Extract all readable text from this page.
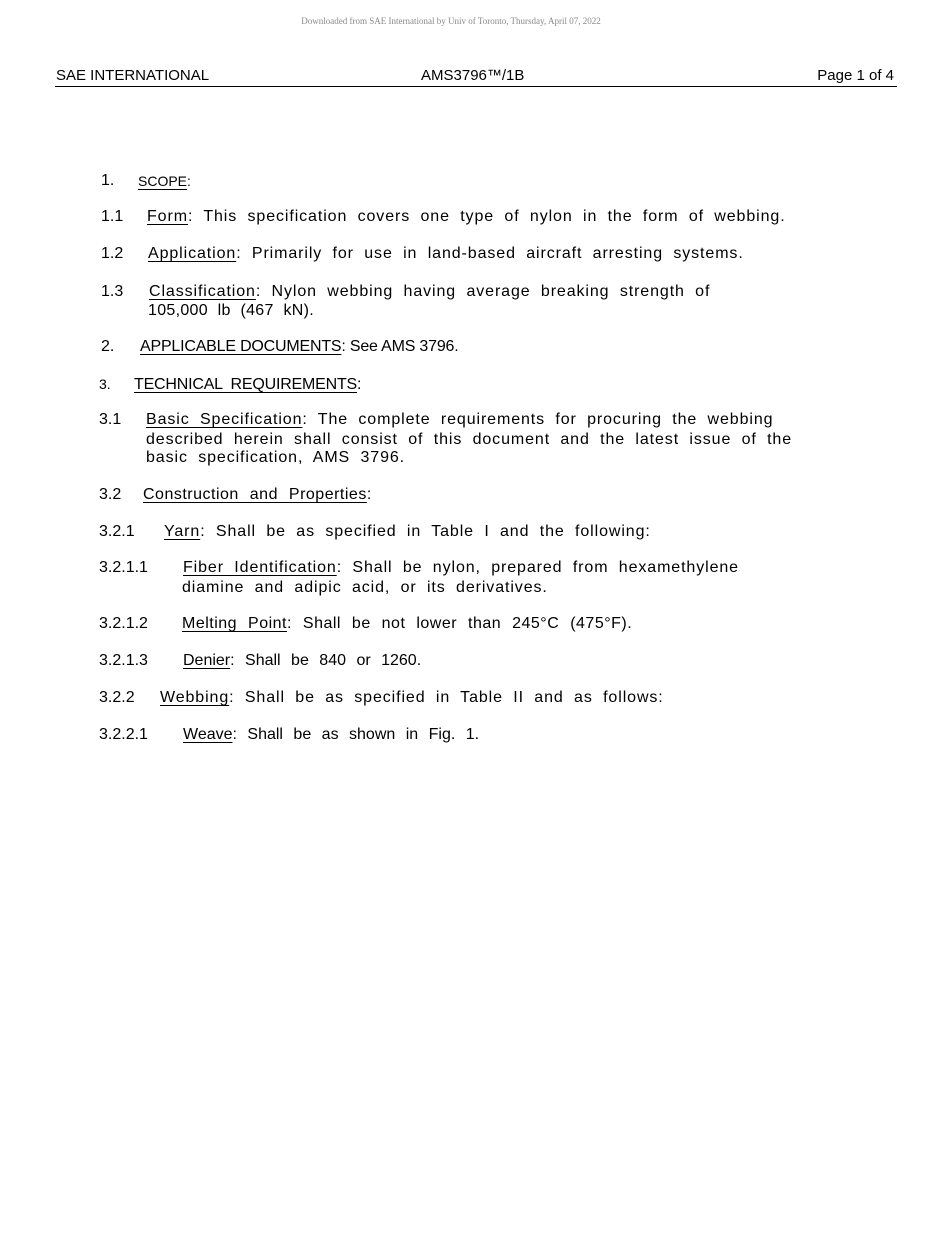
Downloaded from SAE International by Univ of Toronto, Thursday, April 07, 2022
SAE INTERNATIONAL	AMS3796™/1B	Page 1 of 4
1. SCOPE:
1.1 Form: This specification covers one type of nylon in the form of webbing.
1.2 Application: Primarily for use in land-based aircraft arresting systems.
1.3 Classification: Nylon webbing having average breaking strength of
105,000 lb (467 kN).
2. APPLICABLE DOCUMENTS: See AMS 3796.
3. TECHNICAL REQUIREMENTS:
3.1 Basic Specification: The complete requirements for procuring the webbing
described herein shall consist of this document and the latest issue of the
basic specification, AMS 3796.
3.2 Construction and Properties:
3.2.1 Yarn: Shall be as specified in Table I and the following:
3.2.1.1 Fiber Identification: Shall be nylon, prepared from hexamethylene
diamine and adipic acid, or its derivatives.
3.2.1.2 Melting Point: Shall be not lower than 245°C (475°F).
3.2.1.3 Denier: Shall be 840 or 1260.
3.2.2 Webbing: Shall be as specified in Table II and as follows:
3.2.2.1 Weave: Shall be as shown in Fig. 1.
